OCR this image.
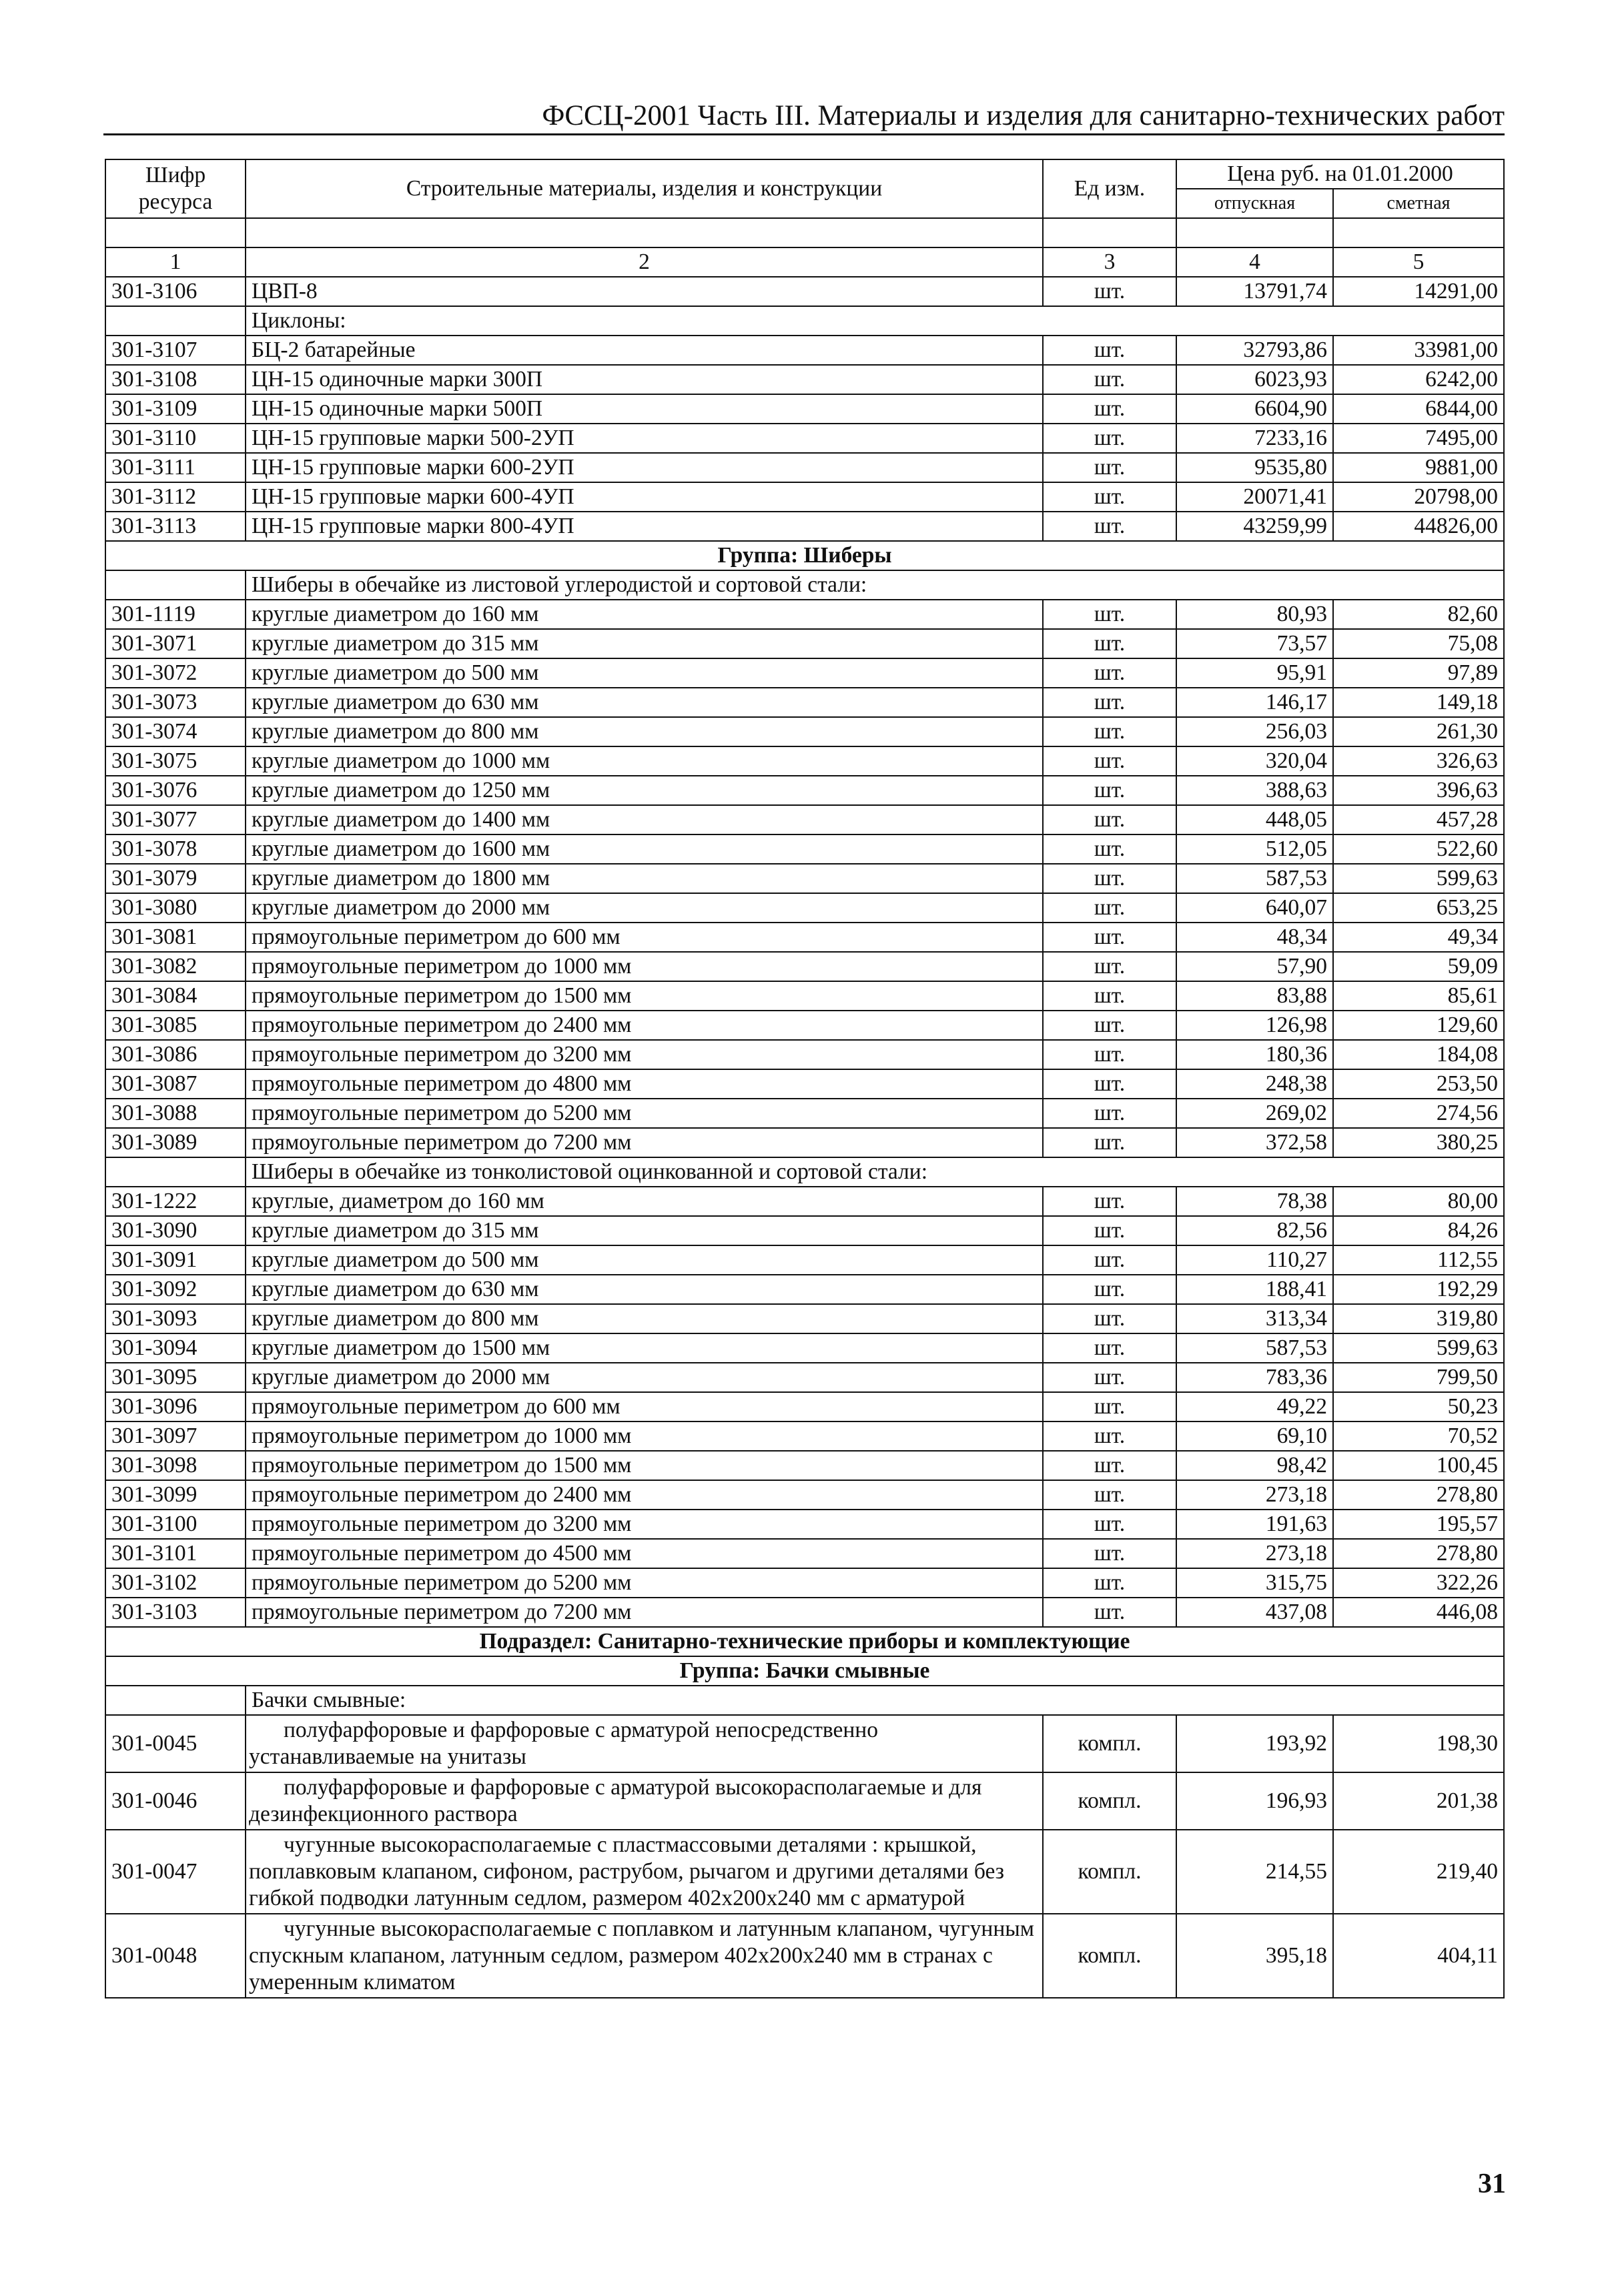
ФССЦ-2001 Часть III. Материалы и изделия для санитарно-технических работ
Шифр ресурса	Строительные материалы, изделия и конструкции	Ед изм.	Цена руб. на 01.01.2000	
			отпускная	сметная

1	2	3	4	5
301-3106	ЦВП-8	шт.	13791,74	14291,00
	Циклоны:			
301-3107	БЦ-2 батарейные	шт.	32793,86	33981,00
301-3108	ЦН-15 одиночные марки 300П	шт.	6023,93	6242,00
301-3109	ЦН-15 одиночные марки 500П	шт.	6604,90	6844,00
301-3110	ЦН-15 групповые марки 500-2УП	шт.	7233,16	7495,00
301-3111	ЦН-15 групповые марки 600-2УП	шт.	9535,80	9881,00
301-3112	ЦН-15 групповые марки 600-4УП	шт.	20071,41	20798,00
301-3113	ЦН-15 групповые марки 800-4УП	шт.	43259,99	44826,00
Группа: Шиберы				
	Шиберы в обечайке из листовой углеродистой и сортовой стали:			
301-1119	круглые диаметром до 160 мм	шт.	80,93	82,60
301-3071	круглые диаметром до 315 мм	шт.	73,57	75,08
301-3072	круглые диаметром до 500 мм	шт.	95,91	97,89
301-3073	круглые диаметром до 630 мм	шт.	146,17	149,18
301-3074	круглые диаметром до 800 мм	шт.	256,03	261,30
301-3075	круглые диаметром до 1000 мм	шт.	320,04	326,63
301-3076	круглые диаметром до 1250 мм	шт.	388,63	396,63
301-3077	круглые диаметром до 1400 мм	шт.	448,05	457,28
301-3078	круглые диаметром до 1600 мм	шт.	512,05	522,60
301-3079	круглые диаметром до 1800 мм	шт.	587,53	599,63
301-3080	круглые диаметром до 2000 мм	шт.	640,07	653,25
301-3081	прямоугольные периметром до 600 мм	шт.	48,34	49,34
301-3082	прямоугольные периметром до 1000 мм	шт.	57,90	59,09
301-3084	прямоугольные периметром до 1500 мм	шт.	83,88	85,61
301-3085	прямоугольные периметром до 2400 мм	шт.	126,98	129,60
301-3086	прямоугольные периметром до 3200 мм	шт.	180,36	184,08
301-3087	прямоугольные периметром до 4800 мм	шт.	248,38	253,50
301-3088	прямоугольные периметром до 5200 мм	шт.	269,02	274,56
301-3089	прямоугольные периметром до 7200 мм	шт.	372,58	380,25
	Шиберы в обечайке из тонколистовой оцинкованной и сортовой стали:			
301-1222	круглые, диаметром до 160 мм	шт.	78,38	80,00
301-3090	круглые диаметром до 315 мм	шт.	82,56	84,26
301-3091	круглые диаметром до 500 мм	шт.	110,27	112,55
301-3092	круглые диаметром до 630 мм	шт.	188,41	192,29
301-3093	круглые диаметром до 800 мм	шт.	313,34	319,80
301-3094	круглые диаметром до 1500 мм	шт.	587,53	599,63
301-3095	круглые диаметром до 2000 мм	шт.	783,36	799,50
301-3096	прямоугольные периметром до 600 мм	шт.	49,22	50,23
301-3097	прямоугольные периметром до 1000 мм	шт.	69,10	70,52
301-3098	прямоугольные периметром до 1500 мм	шт.	98,42	100,45
301-3099	прямоугольные периметром до 2400 мм	шт.	273,18	278,80
301-3100	прямоугольные периметром до 3200 мм	шт.	191,63	195,57
301-3101	прямоугольные периметром до 4500 мм	шт.	273,18	278,80
301-3102	прямоугольные периметром до 5200 мм	шт.	315,75	322,26
301-3103	прямоугольные периметром до 7200 мм	шт.	437,08	446,08
Подраздел: Санитарно-технические приборы и комплектующие				
Группа: Бачки смывные				
	Бачки смывные:			
301-0045	полуфарфоровые и фарфоровые с арматурой непосредственно устанавливаемые на унитазы	компл.	193,92	198,30
301-0046	полуфарфоровые и фарфоровые с арматурой высокорасполагаемые и для дезинфекционного раствора	компл.	196,93	201,38
301-0047	чугунные высокорасполагаемые с пластмассовыми деталями : крышкой, поплавковым клапаном, сифоном, раструбом, рычагом и другими деталями без гибкой подводки латунным седлом, размером 402х200х240 мм с арматурой	компл.	214,55	219,40
301-0048	чугунные высокорасполагаемые с поплавком и латунным клапаном, чугунным спускным клапаном, латунным седлом, размером 402х200х240 мм в странах с умеренным климатом	компл.	395,18	404,11
31
